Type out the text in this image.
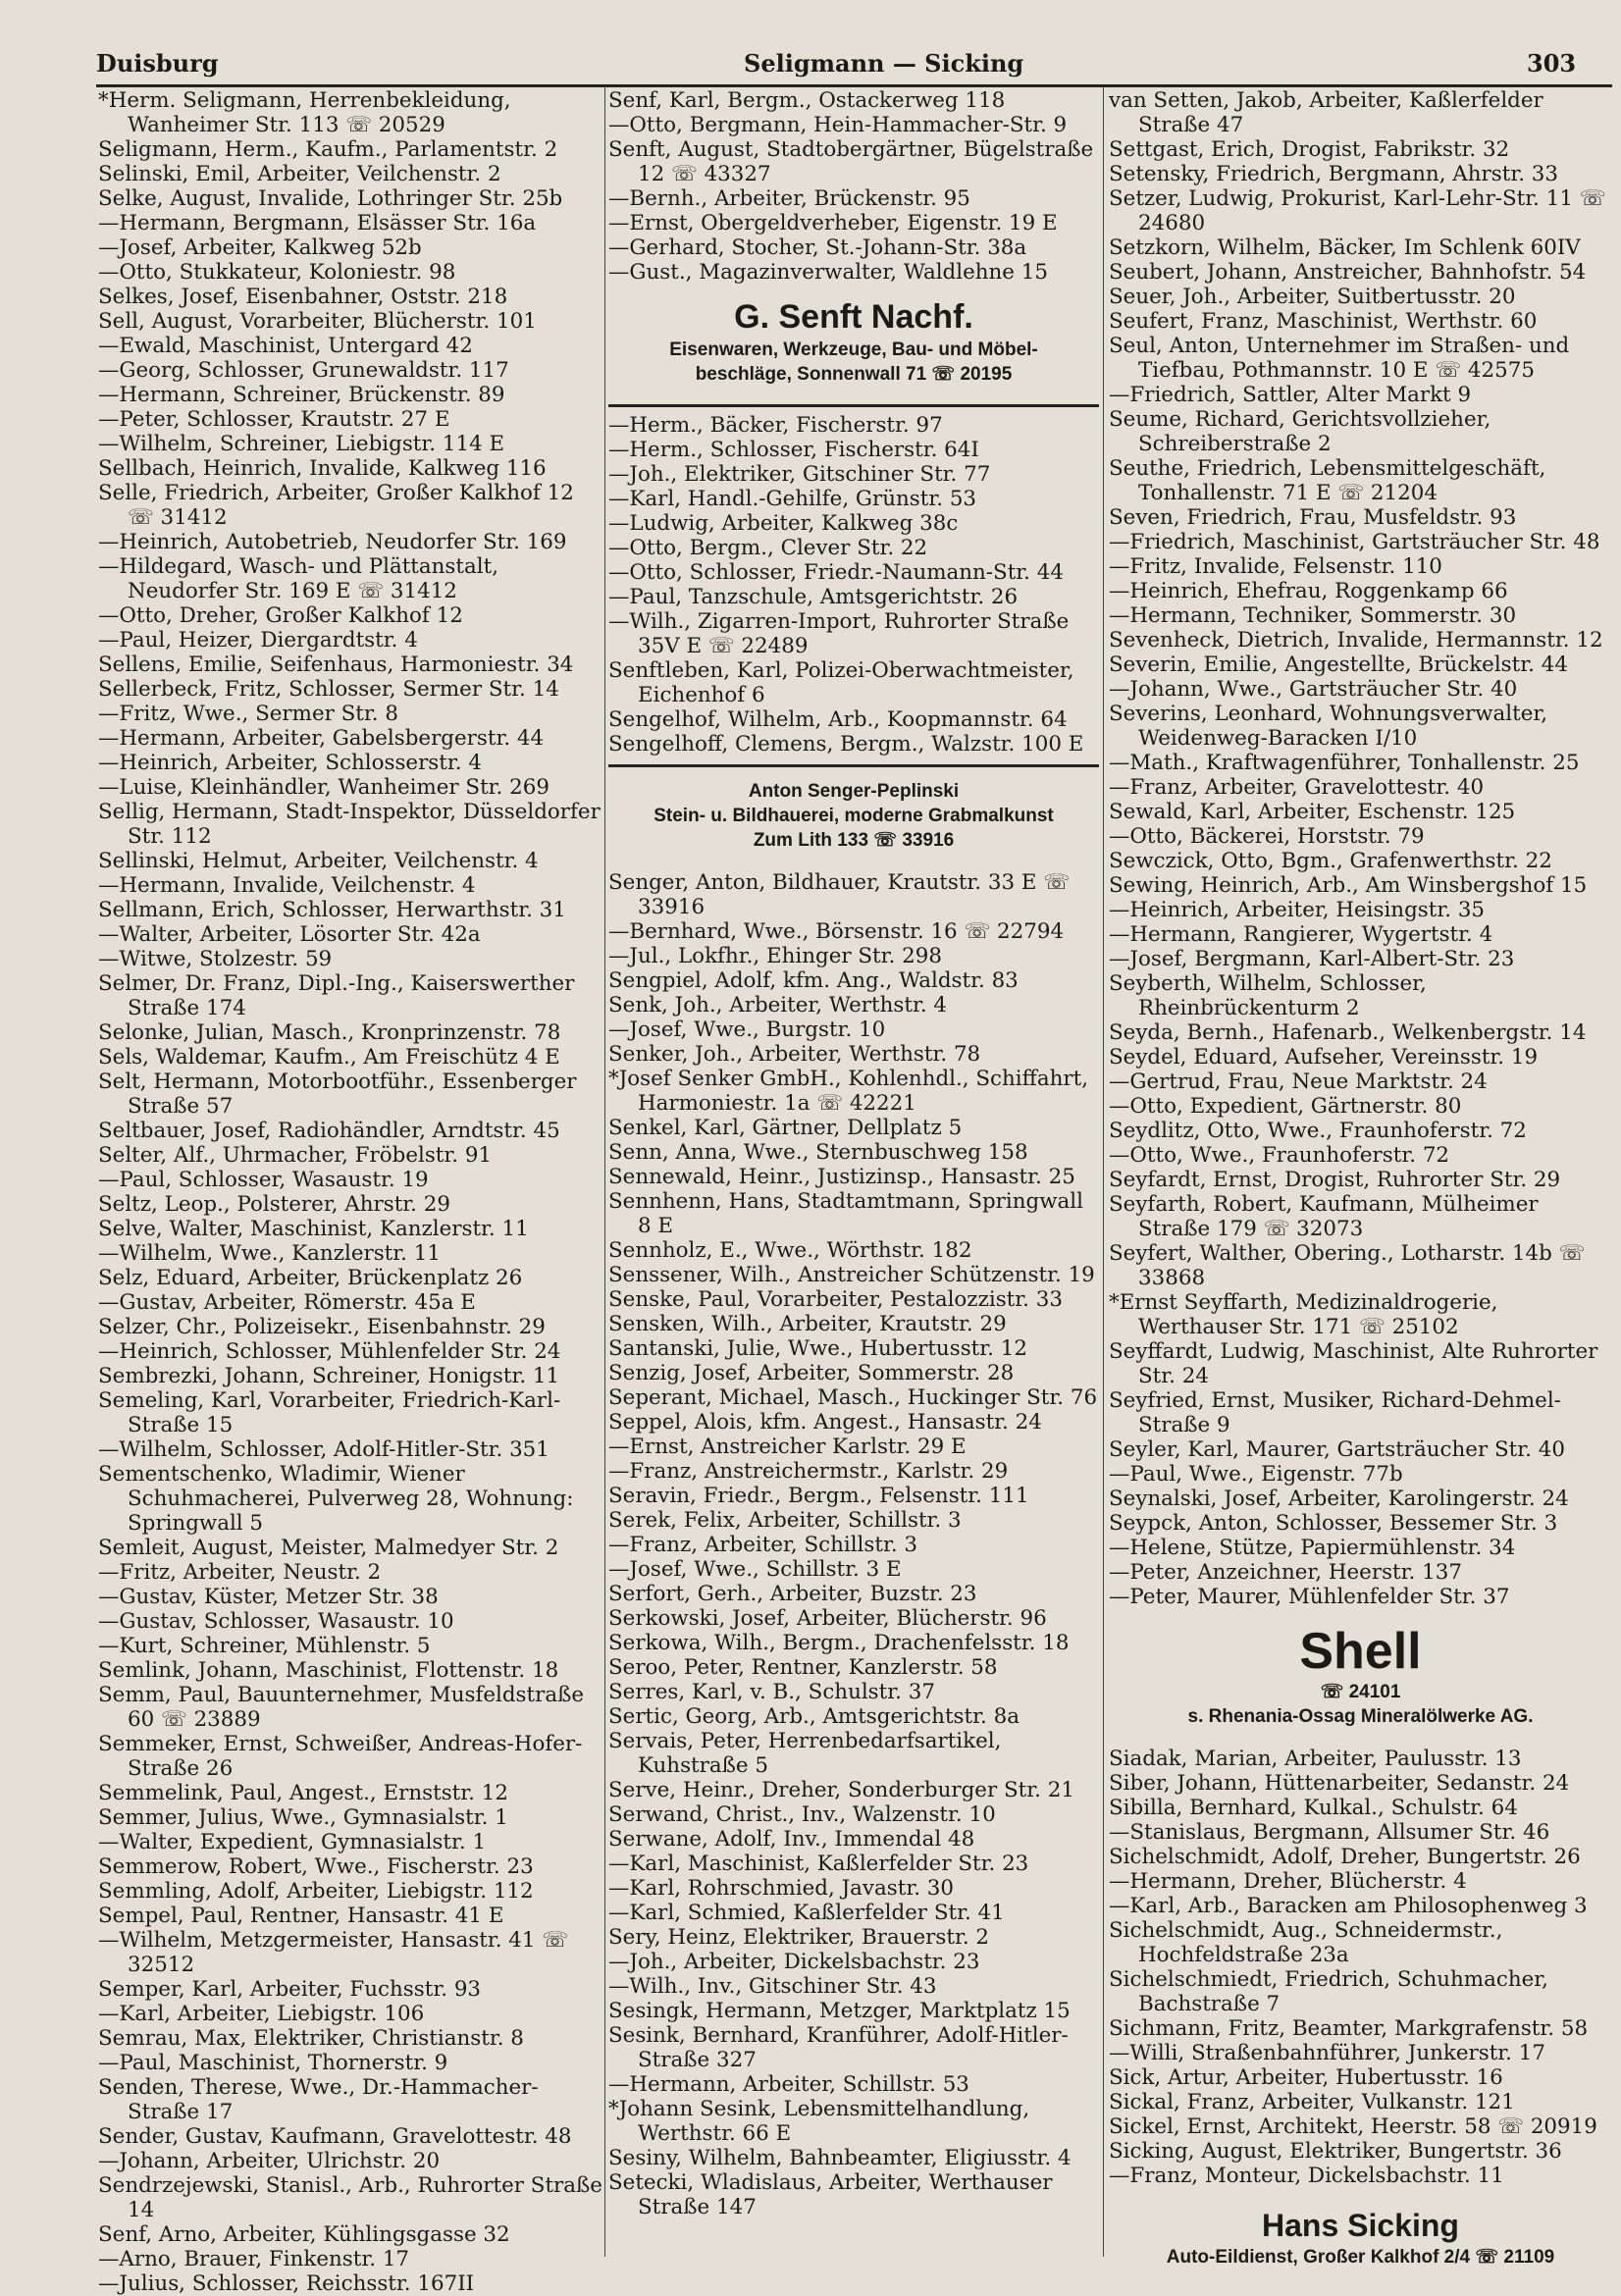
Duisburg	Seligmann — Sicking	303

*Herm. Seligmann, Herrenbekleidung, Wanheimer Str. 113 ☏ 20529

Seligmann, Herm., Kaufm., Parlamentstr. 2

Selinski, Emil, Arbeiter, Veilchenstr. 2

Selke, August, Invalide, Lothringer Str. 25b

—Hermann, Bergmann, Elsässer Str. 16a

—Josef, Arbeiter, Kalkweg 52b

—Otto, Stukkateur, Koloniestr. 98

Selkes, Josef, Eisenbahner, Oststr. 218

Sell, August, Vorarbeiter, Blücherstr. 101

—Ewald, Maschinist, Untergard 42

—Georg, Schlosser, Grunewaldstr. 117

—Hermann, Schreiner, Brückenstr. 89

—Peter, Schlosser, Krautstr. 27 E

—Wilhelm, Schreiner, Liebigstr. 114 E

Sellbach, Heinrich, Invalide, Kalkweg 116

Selle, Friedrich, Arbeiter, Großer Kalkhof 12 ☏ 31412

—Heinrich, Autobetrieb, Neudorfer Str. 169

—Hildegard, Wasch- und Plättanstalt, Neudorfer Str. 169 E ☏ 31412

—Otto, Dreher, Großer Kalkhof 12

—Paul, Heizer, Diergardtstr. 4

Sellens, Emilie, Seifenhaus, Harmoniestr. 34

Sellerbeck, Fritz, Schlosser, Sermer Str. 14

—Fritz, Wwe., Sermer Str. 8

—Hermann, Arbeiter, Gabelsbergerstr. 44

—Heinrich, Arbeiter, Schlosserstr. 4

—Luise, Kleinhändler, Wanheimer Str. 269

Sellig, Hermann, Stadt-Inspektor, Düsseldorfer Str. 112

Sellinski, Helmut, Arbeiter, Veilchenstr. 4

—Hermann, Invalide, Veilchenstr. 4

Sellmann, Erich, Schlosser, Herwarthstr. 31

—Walter, Arbeiter, Lösorter Str. 42a

—Witwe, Stolzestr. 59

Selmer, Dr. Franz, Dipl.-Ing., Kaiserswerther Straße 174

Selonke, Julian, Masch., Kronprinzenstr. 78

Sels, Waldemar, Kaufm., Am Freischütz 4 E

Selt, Hermann, Motorbootführ., Essenberger Straße 57

Seltbauer, Josef, Radiohändler, Arndtstr. 45

Selter, Alf., Uhrmacher, Fröbelstr. 91

—Paul, Schlosser, Wasaustr. 19

Seltz, Leop., Polsterer, Ahrstr. 29

Selve, Walter, Maschinist, Kanzlerstr. 11

—Wilhelm, Wwe., Kanzlerstr. 11

Selz, Eduard, Arbeiter, Brückenplatz 26

—Gustav, Arbeiter, Römerstr. 45a E

Selzer, Chr., Polizeisekr., Eisenbahnstr. 29

—Heinrich, Schlosser, Mühlenfelder Str. 24

Sembrezki, Johann, Schreiner, Honigstr. 11

Semeling, Karl, Vorarbeiter, Friedrich-Karl-Straße 15

—Wilhelm, Schlosser, Adolf-Hitler-Str. 351

Sementschenko, Wladimir, Wiener Schuhmacherei, Pulverweg 28, Wohnung: Springwall 5

Semleit, August, Meister, Malmedyer Str. 2

—Fritz, Arbeiter, Neustr. 2

—Gustav, Küster, Metzer Str. 38

—Gustav, Schlosser, Wasaustr. 10

—Kurt, Schreiner, Mühlenstr. 5

Semlink, Johann, Maschinist, Flottenstr. 18

Semm, Paul, Bauunternehmer, Musfeldstraße 60 ☏ 23889

Semmeker, Ernst, Schweißer, Andreas-Hofer-Straße 26

Semmelink, Paul, Angest., Ernststr. 12

Semmer, Julius, Wwe., Gymnasialstr. 1

—Walter, Expedient, Gymnasialstr. 1

Semmerow, Robert, Wwe., Fischerstr. 23

Semmling, Adolf, Arbeiter, Liebigstr. 112

Sempel, Paul, Rentner, Hansastr. 41 E

—Wilhelm, Metzgermeister, Hansastr. 41 ☏ 32512

Semper, Karl, Arbeiter, Fuchsstr. 93

—Karl, Arbeiter, Liebigstr. 106

Semrau, Max, Elektriker, Christianstr. 8

—Paul, Maschinist, Thornerstr. 9

Senden, Therese, Wwe., Dr.-Hammacher-Straße 17

Sender, Gustav, Kaufmann, Gravelottestr. 48

—Johann, Arbeiter, Ulrichstr. 20

Sendrzejewski, Stanisl., Arb., Ruhrorter Straße 14

Senf, Arno, Arbeiter, Kühlingsgasse 32

—Arno, Brauer, Finkenstr. 17

—Julius, Schlosser, Reichsstr. 167II

Senf, Karl, Bergm., Ostackerweg 118

—Otto, Bergmann, Hein-Hammacher-Str. 9

Senft, August, Stadtobergärtner, Bügelstraße 12 ☏ 43327

—Bernh., Arbeiter, Brückenstr. 95

—Ernst, Obergeldverheber, Eigenstr. 19 E

—Gerhard, Stocher, St.-Johann-Str. 38a

—Gust., Magazinverwalter, Waldlehne 15

G. Senft Nachf.
Eisenwaren, Werkzeuge, Bau- und Möbel-
beschläge, Sonnenwall 71 ☏ 20195

—Herm., Bäcker, Fischerstr. 97

—Herm., Schlosser, Fischerstr. 64I

—Joh., Elektriker, Gitschiner Str. 77

—Karl, Handl.-Gehilfe, Grünstr. 53

—Ludwig, Arbeiter, Kalkweg 38c

—Otto, Bergm., Clever Str. 22

—Otto, Schlosser, Friedr.-Naumann-Str. 44

—Paul, Tanzschule, Amtsgerichtstr. 26

—Wilh., Zigarren-Import, Ruhrorter Straße 35V E ☏ 22489

Senftleben, Karl, Polizei-Oberwachtmeister, Eichenhof 6

Sengelhof, Wilhelm, Arb., Koopmannstr. 64

Sengelhoff, Clemens, Bergm., Walzstr. 100 E

Anton Senger-Peplinski
Stein- u. Bildhauerei, moderne Grabmalkunst
Zum Lith 133 ☏ 33916

Senger, Anton, Bildhauer, Krautstr. 33 E ☏ 33916

—Bernhard, Wwe., Börsenstr. 16 ☏ 22794

—Jul., Lokfhr., Ehinger Str. 298

Sengpiel, Adolf, kfm. Ang., Waldstr. 83

Senk, Joh., Arbeiter, Werthstr. 4

—Josef, Wwe., Burgstr. 10

Senker, Joh., Arbeiter, Werthstr. 78

*Josef Senker GmbH., Kohlenhdl., Schiffahrt, Harmoniestr. 1a ☏ 42221

Senkel, Karl, Gärtner, Dellplatz 5

Senn, Anna, Wwe., Sternbuschweg 158

Sennewald, Heinr., Justizinsp., Hansastr. 25

Sennhenn, Hans, Stadtamtmann, Springwall 8 E

Sennholz, E., Wwe., Wörthstr. 182

Senssener, Wilh., Anstreicher Schützenstr. 19

Senske, Paul, Vorarbeiter, Pestalozzistr. 33

Sensken, Wilh., Arbeiter, Krautstr. 29

Santanski, Julie, Wwe., Hubertusstr. 12

Senzig, Josef, Arbeiter, Sommerstr. 28

Seperant, Michael, Masch., Huckinger Str. 76

Seppel, Alois, kfm. Angest., Hansastr. 24

—Ernst, Anstreicher Karlstr. 29 E

—Franz, Anstreichermstr., Karlstr. 29

Seravin, Friedr., Bergm., Felsenstr. 111

Serek, Felix, Arbeiter, Schillstr. 3

—Franz, Arbeiter, Schillstr. 3

—Josef, Wwe., Schillstr. 3 E

Serfort, Gerh., Arbeiter, Buzstr. 23

Serkowski, Josef, Arbeiter, Blücherstr. 96

Serkowa, Wilh., Bergm., Drachenfelsstr. 18

Seroo, Peter, Rentner, Kanzlerstr. 58

Serres, Karl, v. B., Schulstr. 37

Sertic, Georg, Arb., Amtsgerichtstr. 8a

Servais, Peter, Herrenbedarfsartikel, Kuhstraße 5

Serve, Heinr., Dreher, Sonderburger Str. 21

Serwand, Christ., Inv., Walzenstr. 10

Serwane, Adolf, Inv., Immendal 48

—Karl, Maschinist, Kaßlerfelder Str. 23

—Karl, Rohrschmied, Javastr. 30

—Karl, Schmied, Kaßlerfelder Str. 41

Sery, Heinz, Elektriker, Brauerstr. 2

—Joh., Arbeiter, Dickelsbachstr. 23

—Wilh., Inv., Gitschiner Str. 43

Sesingk, Hermann, Metzger, Marktplatz 15

Sesink, Bernhard, Kranführer, Adolf-Hitler-Straße 327

—Hermann, Arbeiter, Schillstr. 53

*Johann Sesink, Lebensmittelhandlung, Werthstr. 66 E

Sesiny, Wilhelm, Bahnbeamter, Eligiusstr. 4

Setecki, Wladislaus, Arbeiter, Werthauser Straße 147

van Setten, Jakob, Arbeiter, Kaßlerfelder Straße 47

Settgast, Erich, Drogist, Fabrikstr. 32

Setensky, Friedrich, Bergmann, Ahrstr. 33

Setzer, Ludwig, Prokurist, Karl-Lehr-Str. 11 ☏ 24680

Setzkorn, Wilhelm, Bäcker, Im Schlenk 60IV

Seubert, Johann, Anstreicher, Bahnhofstr. 54

Seuer, Joh., Arbeiter, Suitbertusstr. 20

Seufert, Franz, Maschinist, Werthstr. 60

Seul, Anton, Unternehmer im Straßen- und Tiefbau, Pothmannstr. 10 E ☏ 42575

—Friedrich, Sattler, Alter Markt 9

Seume, Richard, Gerichtsvollzieher, Schreiberstraße 2

Seuthe, Friedrich, Lebensmittelgeschäft, Tonhallenstr. 71 E ☏ 21204

Seven, Friedrich, Frau, Musfeldstr. 93

—Friedrich, Maschinist, Gartsträucher Str. 48

—Fritz, Invalide, Felsenstr. 110

—Heinrich, Ehefrau, Roggenkamp 66

—Hermann, Techniker, Sommerstr. 30

Sevenheck, Dietrich, Invalide, Hermannstr. 12

Severin, Emilie, Angestellte, Brückelstr. 44

—Johann, Wwe., Gartsträucher Str. 40

Severins, Leonhard, Wohnungsverwalter, Weidenweg-Baracken I/10

—Math., Kraftwagenführer, Tonhallenstr. 25

—Franz, Arbeiter, Gravelottestr. 40

Sewald, Karl, Arbeiter, Eschenstr. 125

—Otto, Bäckerei, Horststr. 79

Sewczick, Otto, Bgm., Grafenwerthstr. 22

Sewing, Heinrich, Arb., Am Winsbergshof 15

—Heinrich, Arbeiter, Heisingstr. 35

—Hermann, Rangierer, Wygertstr. 4

—Josef, Bergmann, Karl-Albert-Str. 23

Seyberth, Wilhelm, Schlosser, Rheinbrückenturm 2

Seyda, Bernh., Hafenarb., Welkenbergstr. 14

Seydel, Eduard, Aufseher, Vereinsstr. 19

—Gertrud, Frau, Neue Marktstr. 24

—Otto, Expedient, Gärtnerstr. 80

Seydlitz, Otto, Wwe., Fraunhoferstr. 72

—Otto, Wwe., Fraunhoferstr. 72

Seyfardt, Ernst, Drogist, Ruhrorter Str. 29

Seyfarth, Robert, Kaufmann, Mülheimer Straße 179 ☏ 32073

Seyfert, Walther, Obering., Lotharstr. 14b ☏ 33868

*Ernst Seyffarth, Medizinaldrogerie, Werthauser Str. 171 ☏ 25102

Seyffardt, Ludwig, Maschinist, Alte Ruhrorter Str. 24

Seyfried, Ernst, Musiker, Richard-Dehmel-Straße 9

Seyler, Karl, Maurer, Gartsträucher Str. 40

—Paul, Wwe., Eigenstr. 77b

Seynalski, Josef, Arbeiter, Karolingerstr. 24

Seypck, Anton, Schlosser, Bessemer Str. 3

—Helene, Stütze, Papiermühlenstr. 34

—Peter, Anzeichner, Heerstr. 137

—Peter, Maurer, Mühlenfelder Str. 37

Shell
☏ 24101
s. Rhenania-Ossag Mineralölwerke AG.

Siadak, Marian, Arbeiter, Paulusstr. 13

Siber, Johann, Hüttenarbeiter, Sedanstr. 24

Sibilla, Bernhard, Kulkal., Schulstr. 64

—Stanislaus, Bergmann, Allsumer Str. 46

Sichelschmidt, Adolf, Dreher, Bungertstr. 26

—Hermann, Dreher, Blücherstr. 4

—Karl, Arb., Baracken am Philosophenweg 3

Sichelschmidt, Aug., Schneidermstr., Hochfeldstraße 23a

Sichelschmiedt, Friedrich, Schuhmacher, Bachstraße 7

Sichmann, Fritz, Beamter, Markgrafenstr. 58

—Willi, Straßenbahnführer, Junkerstr. 17

Sick, Artur, Arbeiter, Hubertusstr. 16

Sickal, Franz, Arbeiter, Vulkanstr. 121

Sickel, Ernst, Architekt, Heerstr. 58 ☏ 20919

Sicking, August, Elektriker, Bungertstr. 36

—Franz, Monteur, Dickelsbachstr. 11

Hans Sicking
Auto-Eildienst, Großer Kalkhof 2/4 ☏ 21109
